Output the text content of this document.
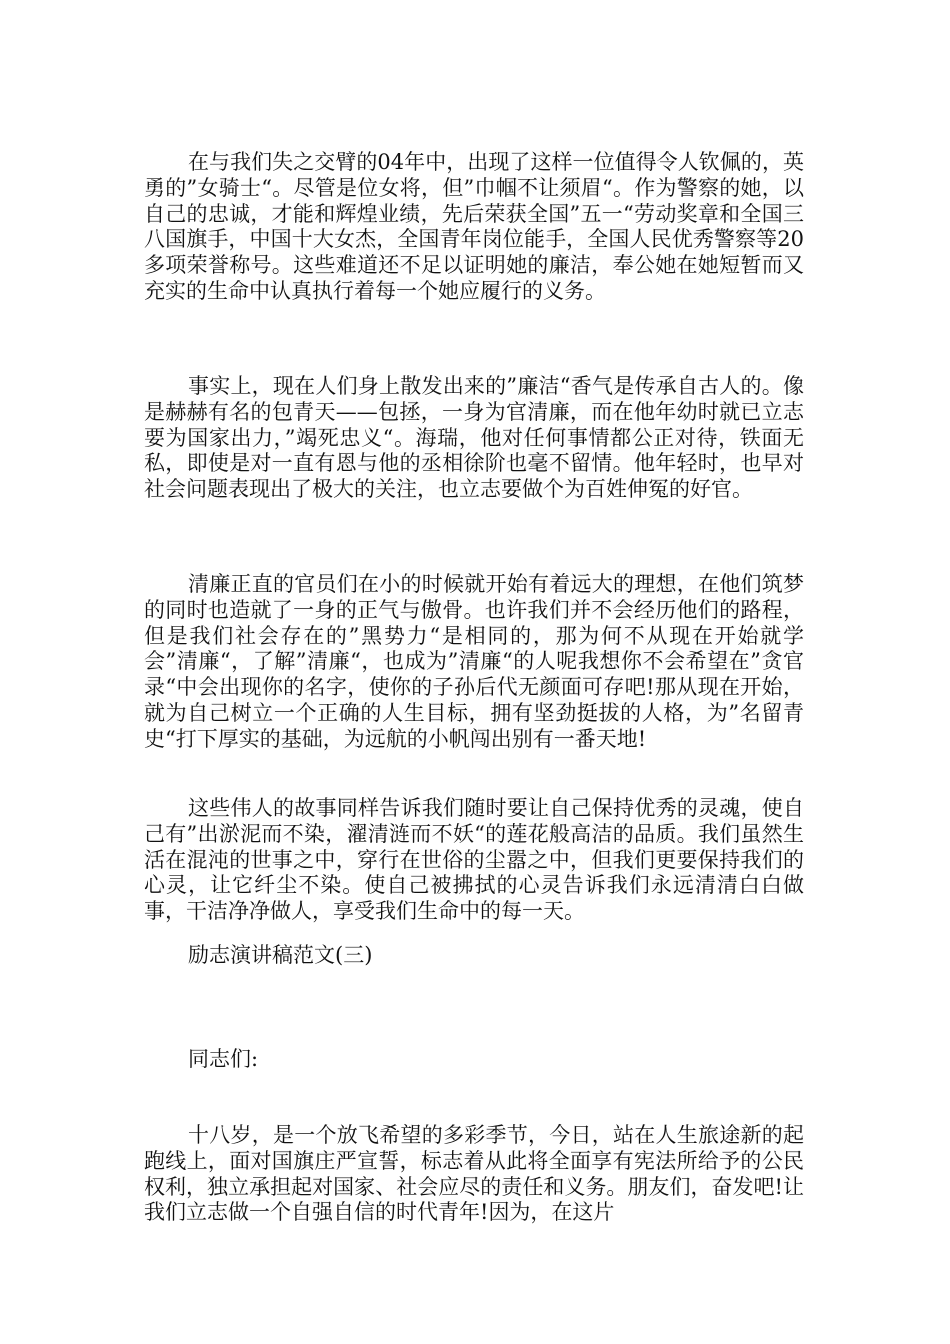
在与我们失之交臂的04年中，出现了这样一位值得令人钦佩的，英勇的”女骑士“。尽管是位女将，但”巾帼不让须眉“。作为警察的她，以自己的忠诚，才能和辉煌业绩，先后荣获全国”五一“劳动奖章和全国三八国旗手，中国十大女杰，全国青年岗位能手，全国人民优秀警察等20多项荣誉称号。这些难道还不足以证明她的廉洁，奉公她在她短暂而又充实的生命中认真执行着每一个她应履行的义务。

事实上，现在人们身上散发出来的”廉洁“香气是传承自古人的。像是赫赫有名的包青天——包拯，一身为官清廉，而在他年幼时就已立志要为国家出力，”竭死忠义“。海瑞，他对任何事情都公正对待，铁面无私，即使是对一直有恩与他的丞相徐阶也毫不留情。他年轻时，也早对社会问题表现出了极大的关注，也立志要做个为百姓伸冤的好官。

清廉正直的官员们在小的时候就开始有着远大的理想，在他们筑梦的同时也造就了一身的正气与傲骨。也许我们并不会经历他们的路程，但是我们社会存在的”黑势力“是相同的，那为何不从现在开始就学会”清廉“，了解”清廉“，也成为”清廉“的人呢我想你不会希望在”贪官录“中会出现你的名字，使你的子孙后代无颜面可存吧!那从现在开始，就为自己树立一个正确的人生目标，拥有坚劲挺拔的人格，为”名留青史“打下厚实的基础，为远航的小帆闯出别有一番天地!

这些伟人的故事同样告诉我们随时要让自己保持优秀的灵魂，使自己有”出淤泥而不染，濯清涟而不妖“的莲花般高洁的品质。我们虽然生活在混沌的世事之中，穿行在世俗的尘嚣之中，但我们更要保持我们的心灵，让它纤尘不染。使自己被拂拭的心灵告诉我们永远清清白白做事，干洁净净做人，享受我们生命中的每一天。

励志演讲稿范文(三)

同志们:

十八岁，是一个放飞希望的多彩季节，今日，站在人生旅途新的起跑线上，面对国旗庄严宣誓，标志着从此将全面享有宪法所给予的公民权利，独立承担起对国家、社会应尽的责任和义务。朋友们，奋发吧!让我们立志做一个自强自信的时代青年!因为，在这片
